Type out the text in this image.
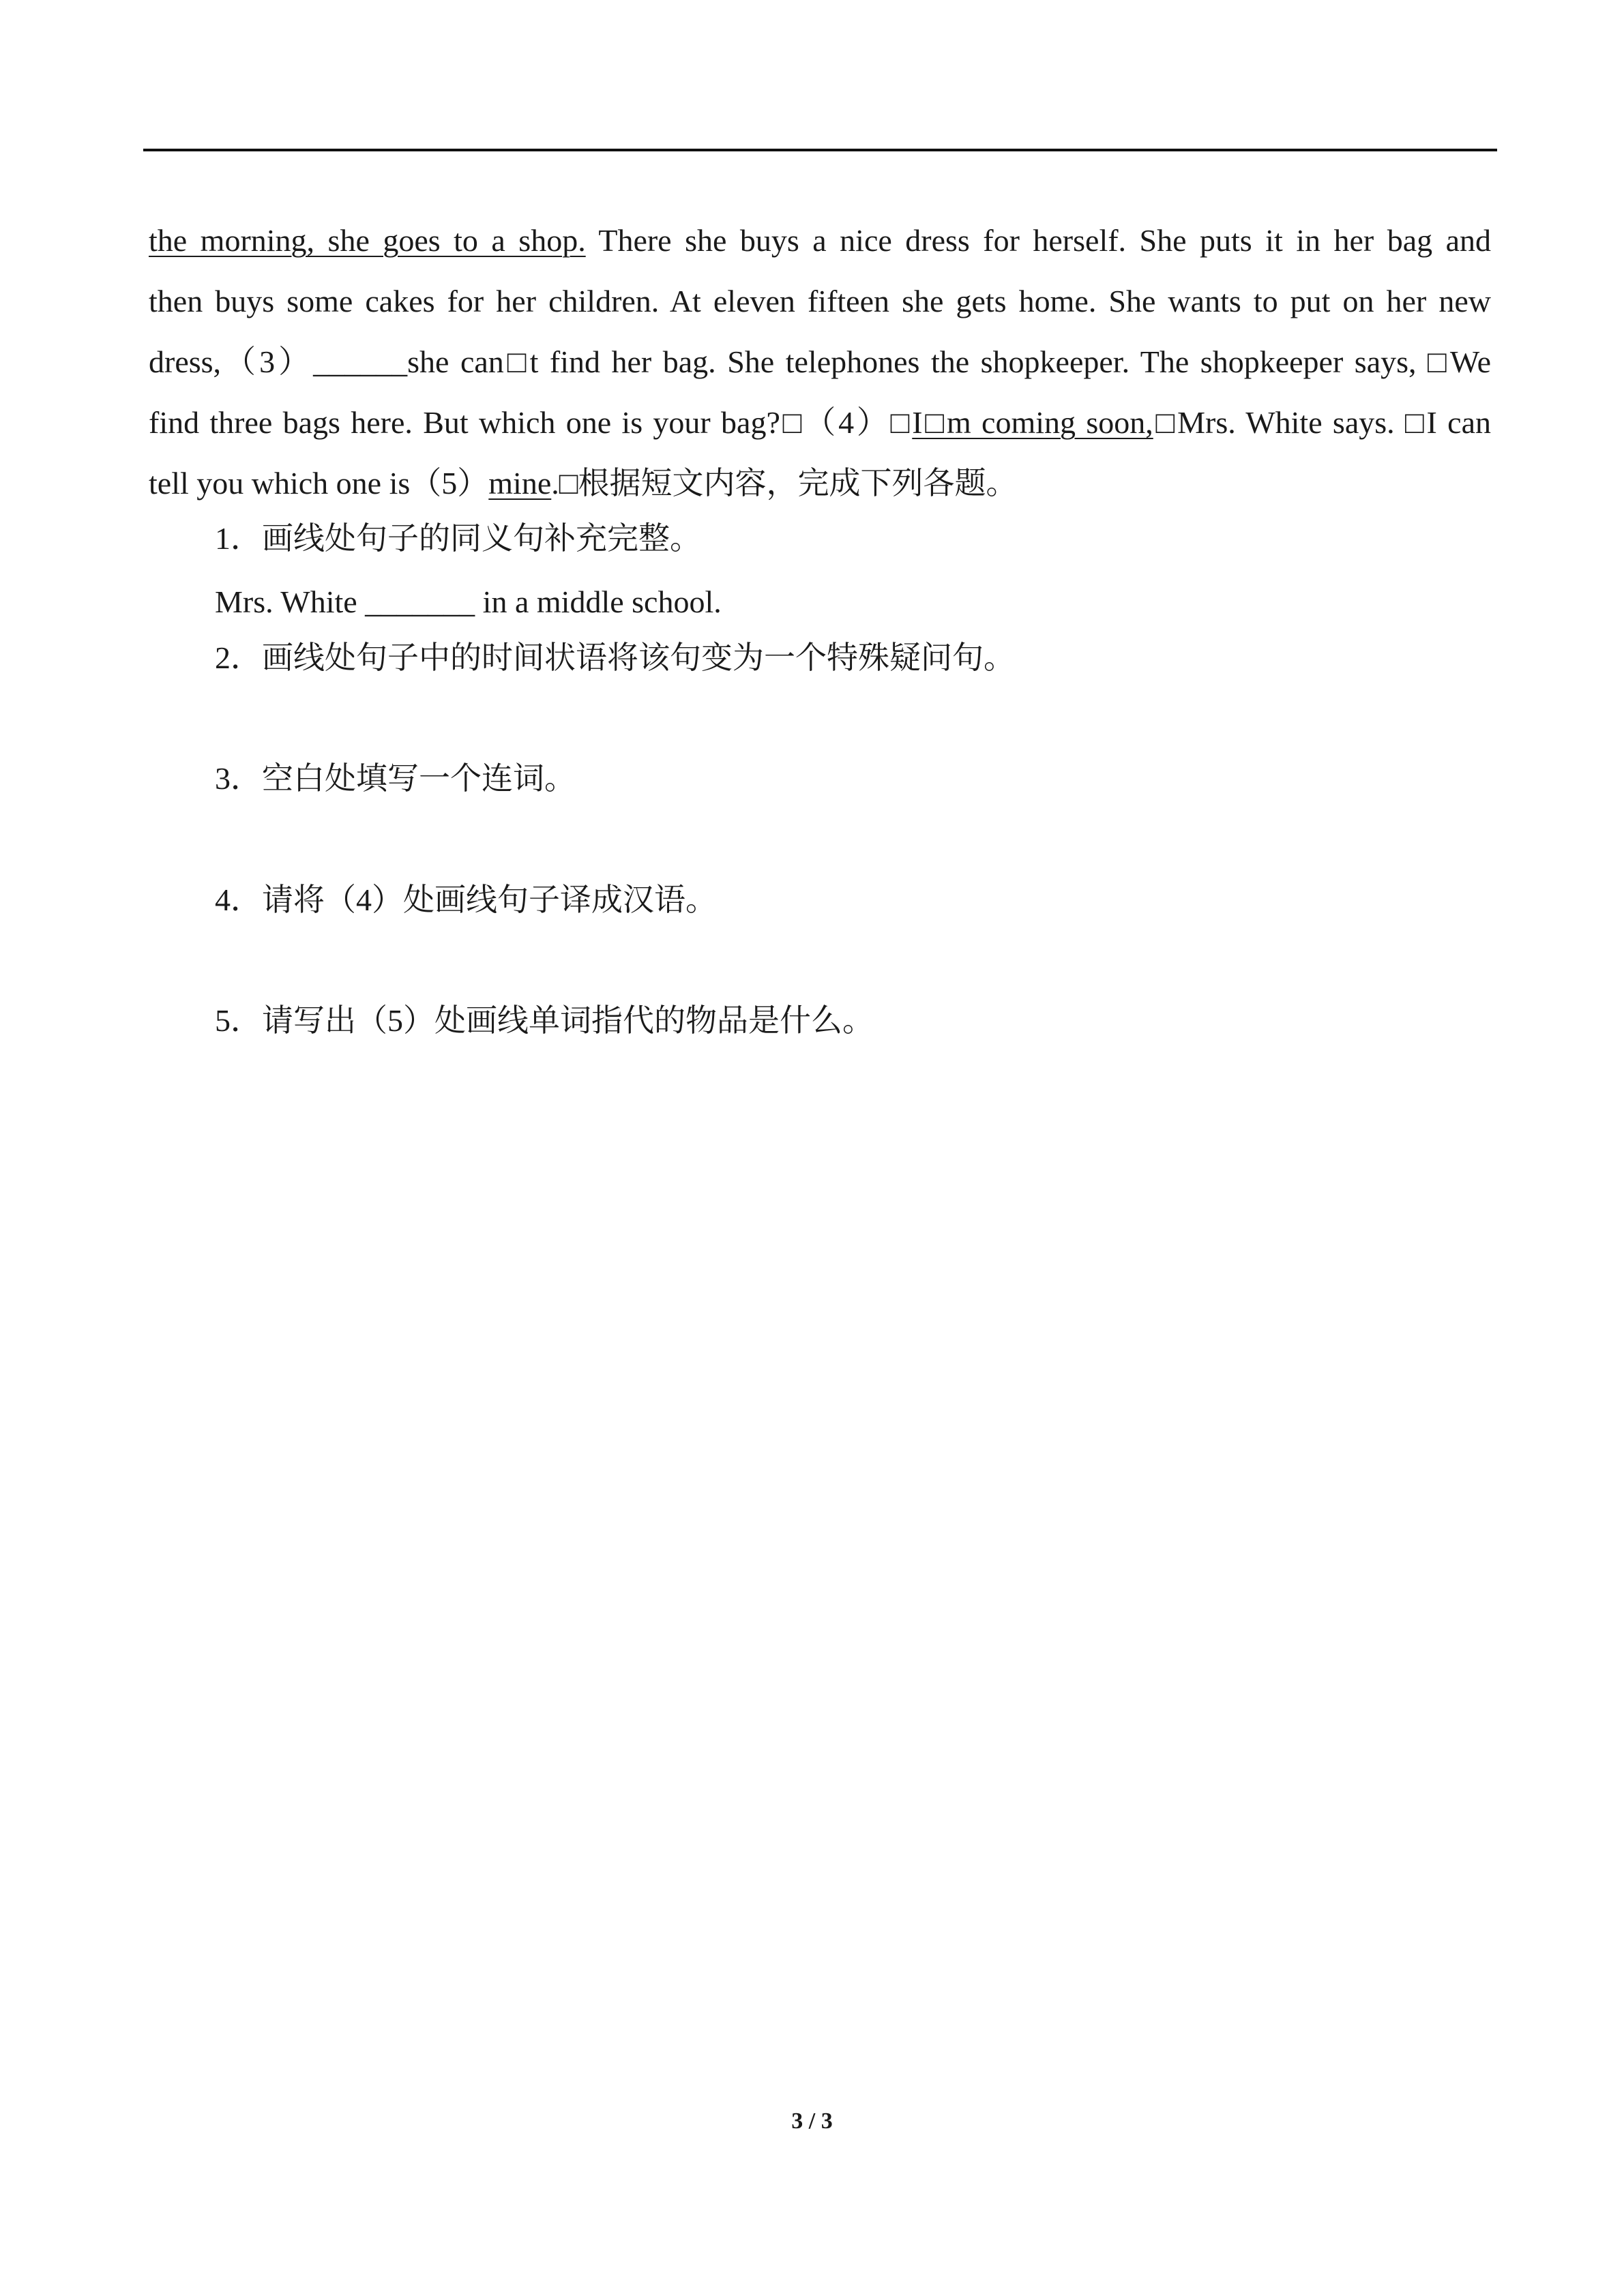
the morning, she goes to a shop. There she buys a nice dress for herself. She puts it in her bag and
then buys some cakes for her children. At eleven fifteen she gets home. She wants to put on her new
dress,（3）______she can□t find her bag. She telephones the shopkeeper. The shopkeeper says, □We
find three bags here. But which one is your bag?□（4）□I□m coming soon,□Mrs. White says. □I can
tell you which one is（5）mine.□根据短文内容，完成下列各题。
1．画线处句子的同义句补充完整。
Mrs. White _______ in a middle school.
2．画线处句子中的时间状语将该句变为一个特殊疑问句。
3．空白处填写一个连词。
4．请将（4）处画线句子译成汉语。
5．请写出（5）处画线单词指代的物品是什么。
3 / 3
